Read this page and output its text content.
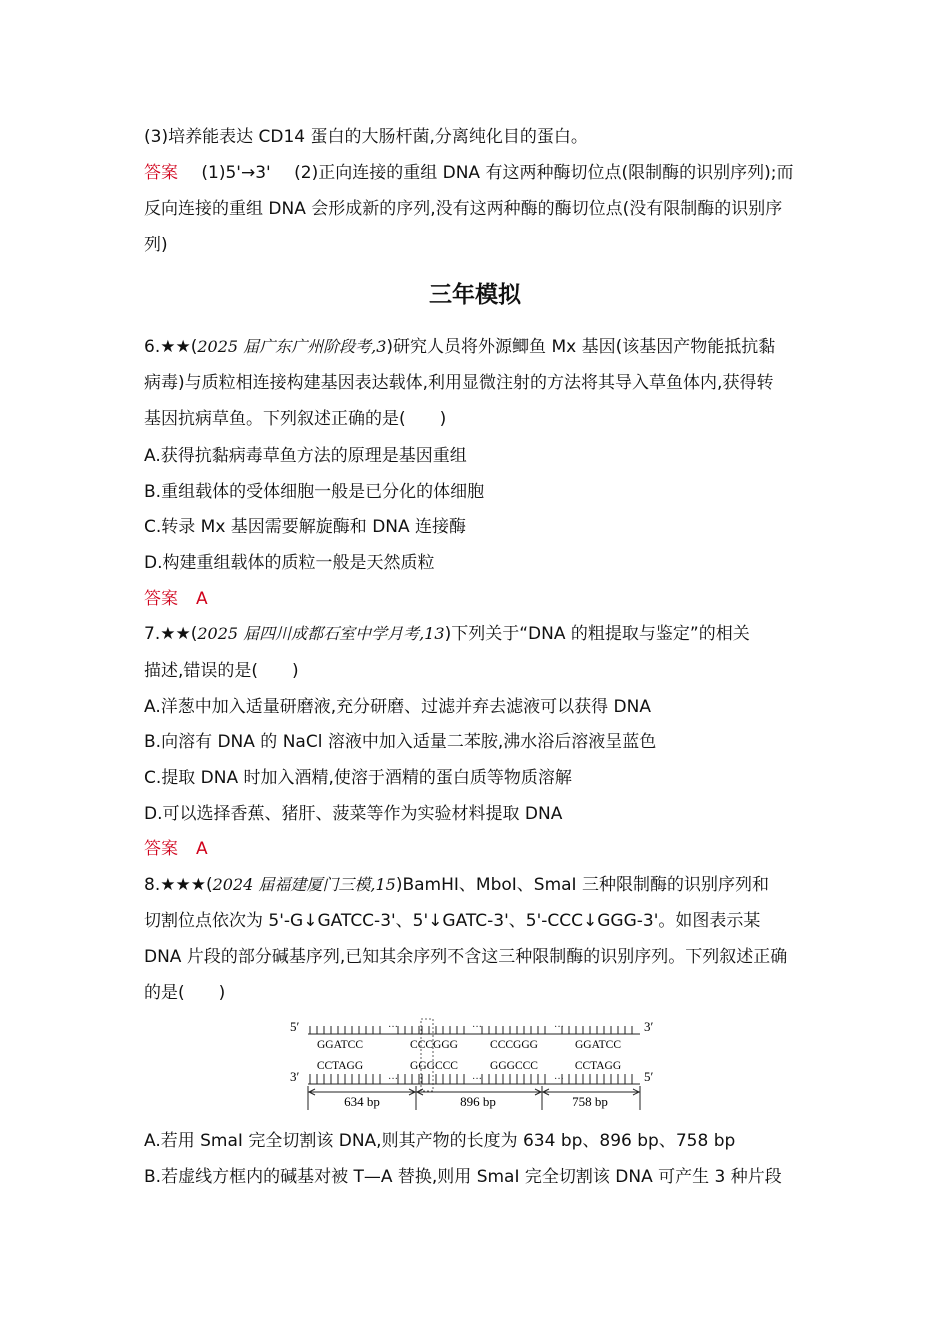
(3)培养能表达 CD14 蛋白的大肠杆菌,分离纯化目的蛋白。
答案 (1)5'→3' (2)正向连接的重组 DNA 有这两种酶切位点(限制酶的识别序列);而
反向连接的重组 DNA 会形成新的序列,没有这两种酶的酶切位点(没有限制酶的识别序
列)
三年模拟
6.★★(2025 届广东广州阶段考,3)研究人员将外源鲫鱼 Mx 基因(该基因产物能抵抗黏
病毒)与质粒相连接构建基因表达载体,利用显微注射的方法将其导入草鱼体内,获得转
基因抗病草鱼。下列叙述正确的是(　　)
A.获得抗黏病毒草鱼方法的原理是基因重组
B.重组载体的受体细胞一般是已分化的体细胞
C.转录 Mx 基因需要解旋酶和 DNA 连接酶
D.构建重组载体的质粒一般是天然质粒
答案 A
7.★★(2025 届四川成都石室中学月考,13)下列关于“DNA 的粗提取与鉴定”的相关
描述,错误的是(　　)
A.洋葱中加入适量研磨液,充分研磨、过滤并弃去滤液可以获得 DNA
B.向溶有 DNA 的 NaCl 溶液中加入适量二苯胺,沸水浴后溶液呈蓝色
C.提取 DNA 时加入酒精,使溶于酒精的蛋白质等物质溶解
D.可以选择香蕉、猪肝、菠菜等作为实验材料提取 DNA
答案 A
8.★★★(2024 届福建厦门三模,15)BamHI、MboI、SmaI 三种限制酶的识别序列和
切割位点依次为 5'-G↓GATCC-3'、5'↓GATC-3'、5'-CCC↓GGG-3'。如图表示某
DNA 片段的部分碱基序列,已知其余序列不含这三种限制酶的识别序列。下列叙述正确
的是(　　)
···	···	···
···	···	···
5′	3′
3′	5′
GGATCC	CCCGGG	CCCGGG	GGATCC
CCTAGG	GGGCCC	GGGCCC	CCTAGG
634 bp	896 bp	758 bp
A.若用 SmaI 完全切割该 DNA,则其产物的长度为 634 bp、896 bp、758 bp
B.若虚线方框内的碱基对被 T—A 替换,则用 SmaI 完全切割该 DNA 可产生 3 种片段
